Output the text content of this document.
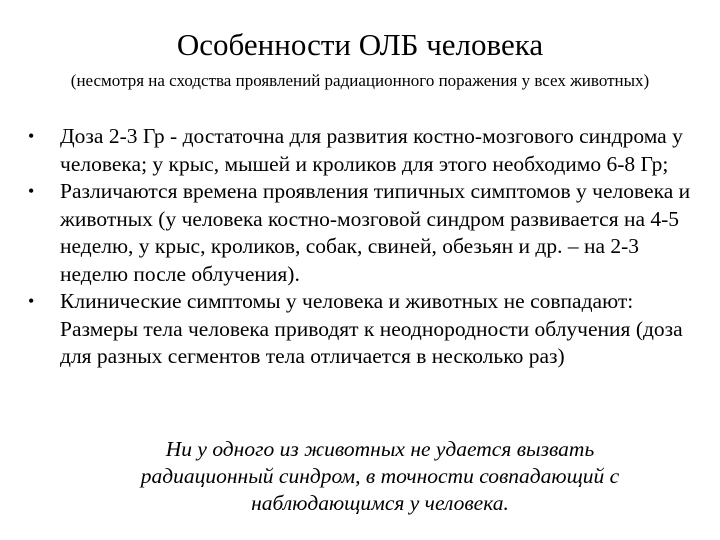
Особенности ОЛБ человека
(несмотря на сходства проявлений радиационного поражения у всех животных)
•	Доза 2-3 Гр - достаточна для развития костно-мозгового синдрома у человека; у крыс, мышей и кроликов для этого необходимо 6-8 Гр;
•	Различаются времена проявления типичных симптомов у человека и животных (у человека костно-мозговой синдром развивается на 4-5 неделю, у крыс, кроликов, собак, свиней, обезьян и др. – на 2-3 неделю после облучения).
•	Клинические симптомы у человека и животных не совпадают: Размеры тела человека приводят к неоднородности облучения (доза для разных сегментов тела отличается в несколько раз)
Ни у одного из животных не удается вызвать
радиационный синдром, в точности совпадающий с
наблюдающимся у человека.
